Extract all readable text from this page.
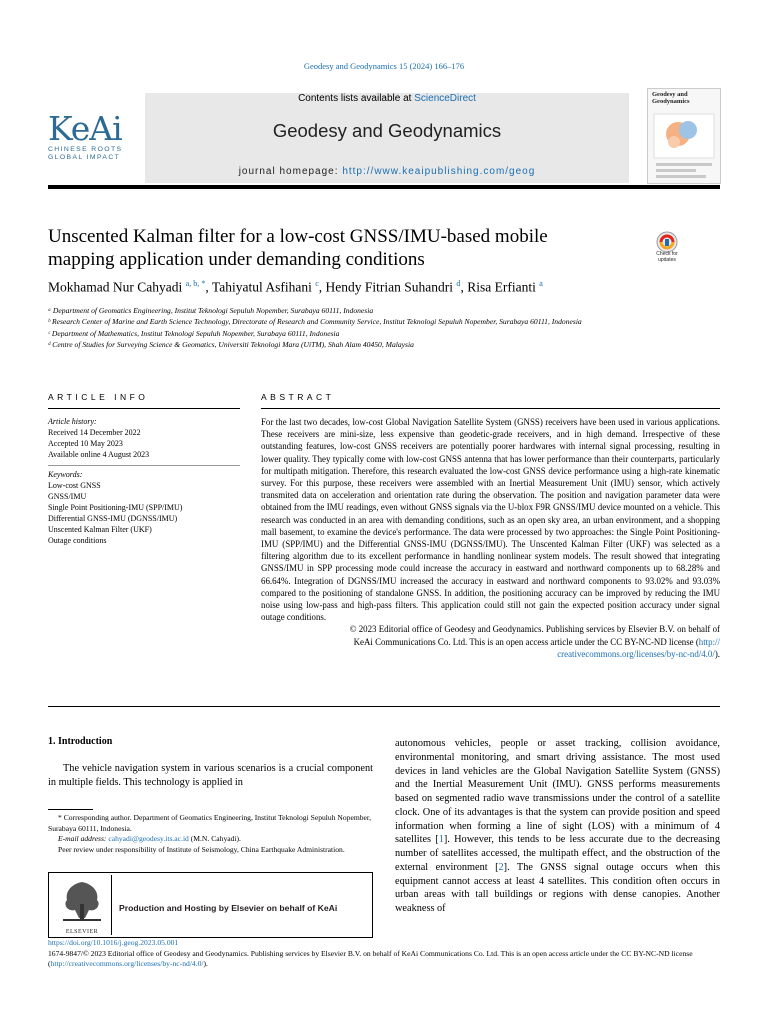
Geodesy and Geodynamics 15 (2024) 166–176
KeAi
CHINESE ROOTS
GLOBAL IMPACT
Contents lists available at ScienceDirect
Geodesy and Geodynamics
journal homepage: http://www.keaipublishing.com/geog
Geodesy and
Geodynamics
Unscented Kalman filter for a low-cost GNSS/IMU-based mobile
mapping application under demanding conditions	Check for
updates
Mokhamad Nur Cahyadi $^{a, b, *}$, Tahiyatul Asfihani $^c$, Hendy Fitrian Suhandri $^d$, Risa Erfianti $^a$
ᵃ Department of Geomatics Engineering, Institut Teknologi Sepuluh Nopember, Surabaya 60111, Indonesia
ᵇ Research Center of Marine and Earth Science Technology, Directorate of Research and Community Service, Institut Teknologi Sepuluh Nopember, Surabaya 60111, Indonesia
ᶜ Department of Mathematics, Institut Teknologi Sepuluh Nopember, Surabaya 60111, Indonesia
ᵈ Centre of Studies for Surveying Science & Geomatics, Universiti Teknologi Mara (UiTM), Shah Alam 40450, Malaysia
ARTICLE INFO
Article history:
Received 14 December 2022
Accepted 10 May 2023
Available online 4 August 2023
Keywords:
Low-cost GNSS
GNSS/IMU
Single Point Positioning-IMU (SPP/IMU)
Differential GNSS-IMU (DGNSS/IMU)
Unscented Kalman Filter (UKF)
Outage conditions
ABSTRACT
For the last two decades, low-cost Global Navigation Satellite System (GNSS) receivers have been used in various applications. These receivers are mini-size, less expensive than geodetic-grade receivers, and in high demand. Irrespective of these outstanding features, low-cost GNSS receivers are potentially poorer hardwares with internal signal processing, resulting in lower quality. They typically come with low-cost GNSS antenna that has lower performance than their counterparts, particularly for multipath mitigation. Therefore, this research evaluated the low-cost GNSS device performance using a high-rate kinematic survey. For this purpose, these receivers were assembled with an Inertial Measurement Unit (IMU) sensor, which actively transmited data on acceleration and orientation rate during the observation. The position and navigation parameter data were obtained from the IMU readings, even without GNSS signals via the U-blox F9R GNSS/IMU device mounted on a vehicle. This research was conducted in an area with demanding conditions, such as an open sky area, an urban environment, and a shopping mall basement, to examine the device's performance. The data were processed by two approaches: the Single Point Positioning-IMU (SPP/IMU) and the Differential GNSS-IMU (DGNSS/IMU). The Unscented Kalman Filter (UKF) was selected as a filtering algorithm due to its excellent performance in handling nonlinear system models. The result showed that integrating GNSS/IMU in SPP processing mode could increase the accuracy in eastward and northward components up to 68.28% and 66.64%. Integration of DGNSS/IMU increased the accuracy in eastward and northward components to 93.02% and 93.03% compared to the positioning of standalone GNSS. In addition, the positioning accuracy can be improved by reducing the IMU noise using low-pass and high-pass filters. This application could still not gain the expected position accuracy under signal outage conditions.
© 2023 Editorial office of Geodesy and Geodynamics. Publishing services by Elsevier B.V. on behalf of
KeAi Communications Co. Ltd. This is an open access article under the CC BY-NC-ND license (http://
creativecommons.org/licenses/by-nc-nd/4.0/).
1. Introduction
The vehicle navigation system in various scenarios is a crucial component in multiple fields. This technology is applied in
* Corresponding author. Department of Geomatics Engineering, Institut Teknologi Sepuluh Nopember, Surabaya 60111, Indonesia.
E-mail address: cahyadi@geodesy.its.ac.id (M.N. Cahyadi).
Peer review under responsibility of Institute of Seismology, China Earthquake Administration.
ELSEVIER
Production and Hosting by Elsevier on behalf of KeAi
autonomous vehicles, people or asset tracking, collision avoidance, environmental monitoring, and smart driving assistance. The most used devices in land vehicles are the Global Navigation Satellite System (GNSS) and the Inertial Measurement Unit (IMU). GNSS performs measurements based on segmented radio wave transmissions under the control of a satellite clock. One of its advantages is that the system can provide position and speed information when forming a line of sight (LOS) with a minimum of 4 satellites [1]. However, this tends to be less accurate due to the decreasing number of satellites accessed, the multipath effect, and the obstruction of the external environment [2]. The GNSS signal outage occurs when this equipment cannot access at least 4 satellites. This condition often occurs in urban areas with tall buildings or regions with dense canopies. Another weakness of
https://doi.org/10.1016/j.geog.2023.05.001
1674-9847/© 2023 Editorial office of Geodesy and Geodynamics. Publishing services by Elsevier B.V. on behalf of KeAi Communications Co. Ltd. This is an open access article under the CC BY-NC-ND license (http://creativecommons.org/licenses/by-nc-nd/4.0/).
